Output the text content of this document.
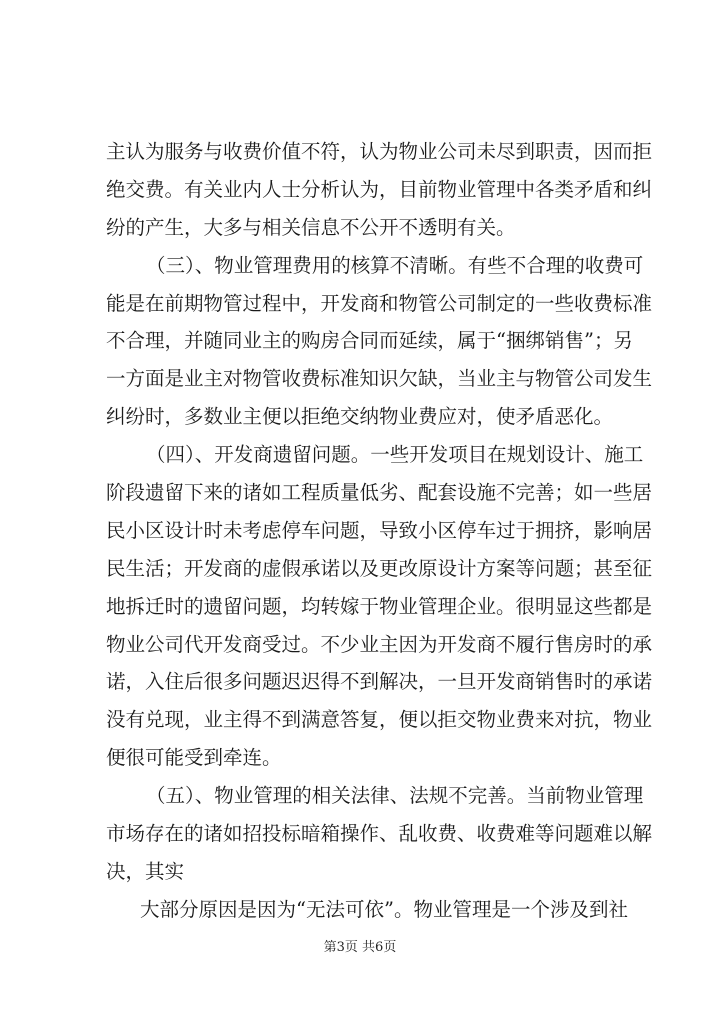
主认为服务与收费价值不符，认为物业公司未尽到职责，因而拒
绝交费。有关业内人士分析认为，目前物业管理中各类矛盾和纠
纷的产生，大多与相关信息不公开不透明有关。
（三）、物业管理费用的核算不清晰。有些不合理的收费可
能是在前期物管过程中，开发商和物管公司制定的一些收费标准
不合理，并随同业主的购房合同而延续，属于“捆绑销售”；另
一方面是业主对物管收费标准知识欠缺，当业主与物管公司发生
纠纷时，多数业主便以拒绝交纳物业费应对，使矛盾恶化。
（四）、开发商遗留问题。一些开发项目在规划设计、施工
阶段遗留下来的诸如工程质量低劣、配套设施不完善；如一些居
民小区设计时未考虑停车问题，导致小区停车过于拥挤，影响居
民生活；开发商的虚假承诺以及更改原设计方案等问题；甚至征
地拆迁时的遗留问题，均转嫁于物业管理企业。很明显这些都是
物业公司代开发商受过。不少业主因为开发商不履行售房时的承
诺，入住后很多问题迟迟得不到解决，一旦开发商销售时的承诺
没有兑现，业主得不到满意答复，便以拒交物业费来对抗，物业
便很可能受到牵连。
（五）、物业管理的相关法律、法规不完善。当前物业管理
市场存在的诸如招投标暗箱操作、乱收费、收费难等问题难以解
决，其实
大部分原因是因为“无法可依”。物业管理是一个涉及到社
第3页 共6页
